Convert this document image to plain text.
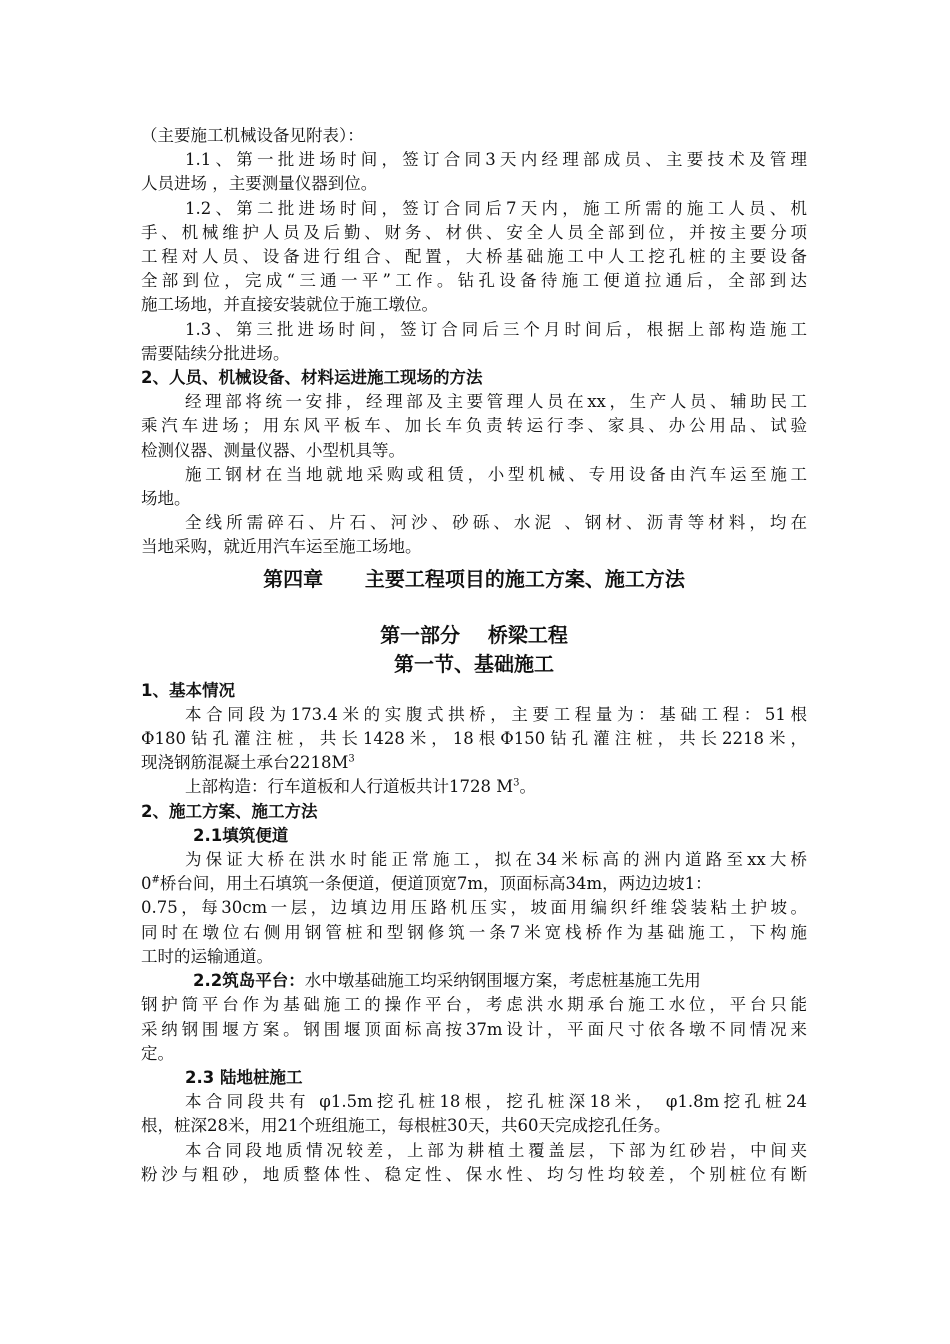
（主要施工机械设备见附表）：
1.1、第一批进场时间，签订合同3天内经理部成员、主要技术及管理
人员进场 ，主要测量仪器到位。
1.2、第二批进场时间，签订合同后7天内，施工所需的施工人员、机
手、机械维护人员及后勤、财务、材供、安全人员全部到位，并按主要分项
工程对人员、设备进行组合、配置，大桥基础施工中人工挖孔桩的主要设备
全部到位，完成“三通一平”工作。钻孔设备待施工便道拉通后，全部到达
施工场地，并直接安装就位于施工墩位。
1.3、第三批进场时间，签订合同后三个月时间后，根据上部构造施工
需要陆续分批进场。
2、人员、机械设备、材料运进施工现场的方法
经理部将统一安排，经理部及主要管理人员在xx，生产人员、辅助民工
乘汽车进场；用东风平板车、加长车负责转运行李、家具、办公用品、试验
检测仪器、测量仪器、小型机具等。
施工钢材在当地就地采购或租赁，小型机械、专用设备由汽车运至施工
场地。
全线所需碎石、片石、河沙、砂砾、水泥 、钢材、沥青等材料，均在
当地采购，就近用汽车运至施工场地。
第四章      主要工程项目的施工方案、施工方法
第一部分    桥梁工程
第一节、基础施工
1、基本情况
本合同段为173.4米的实腹式拱桥，主要工程量为：基础工程：51根
Φ180钻孔灌注桩，共长1428米，18根Φ150钻孔灌注桩，共长2218米，
现浇钢筋混凝土承台$2218M^3$
上部构造：行车道板和人行道板共计1728 $M^3$。
2、施工方案、施工方法
2.1填筑便道
为保证大桥在洪水时能正常施工，拟在34米标高的洲内道路至xx大桥
0#桥台间，用土石填筑一条便道，便道顶宽7m，顶面标高34m，两边边坡1：
0.75，每30cm一层，边填边用压路机压实，坡面用编织纤维袋装粘土护坡。
同时在墩位右侧用钢管桩和型钢修筑一条7米宽栈桥作为基础施工，下构施
工时的运输通道。
2.2筑岛平台：水中墩基础施工均采纳钢围堰方案，考虑桩基施工先用
钢护筒平台作为基础施工的操作平台，考虑洪水期承台施工水位，平台只能
采纳钢围堰方案。钢围堰顶面标高按37m设计，平面尺寸依各墩不同情况来
定。
2.3 陆地桩施工
本合同段共有 φ1.5m挖孔桩18根，挖孔桩深18米， φ1.8m挖孔桩24
根，桩深28米，用21个班组施工，每根桩30天，共60天完成挖孔任务。
本合同段地质情况较差，上部为耕植土覆盖层，下部为红砂岩，中间夹
粉沙与粗砂，地质整体性、稳定性、保水性、均匀性均较差，个别桩位有断
